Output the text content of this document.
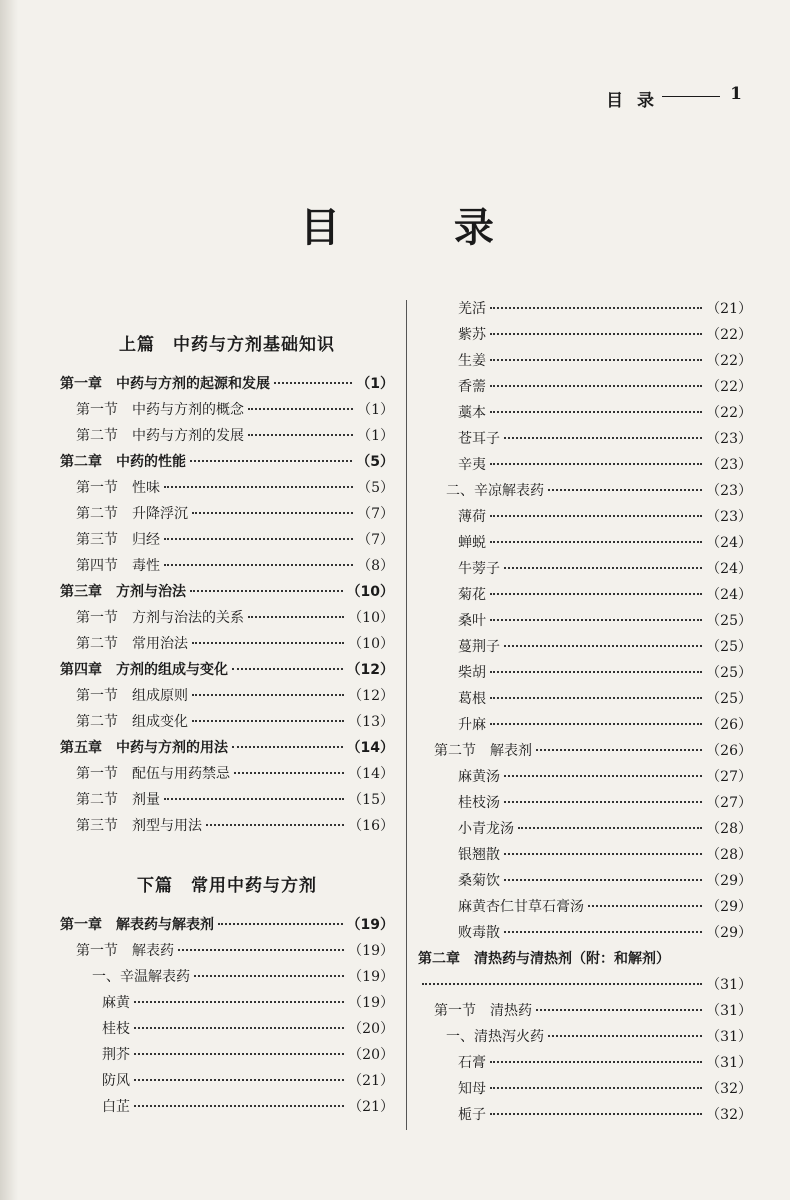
目 录	1
目 录
上篇　中药与方剂基础知识
第一章　中药与方剂的起源和发展	（1）
第一节　中药与方剂的概念	（1）
第二节　中药与方剂的发展	（1）
第二章　中药的性能	（5）
第一节　性味	（5）
第二节　升降浮沉	（7）
第三节　归经	（7）
第四节　毒性	（8）
第三章　方剂与治法	（10）
第一节　方剂与治法的关系	（10）
第二节　常用治法	（10）
第四章　方剂的组成与变化	（12）
第一节　组成原则	（12）
第二节　组成变化	（13）
第五章　中药与方剂的用法	（14）
第一节　配伍与用药禁忌	（14）
第二节　剂量	（15）
第三节　剂型与用法	（16）
下篇　常用中药与方剂
第一章　解表药与解表剂	（19）
第一节　解表药	（19）
一、辛温解表药	（19）
麻黄	（19）
桂枝	（20）
荆芥	（20）
防风	（21）
白芷	（21）
羌活	（21）
紫苏	（22）
生姜	（22）
香薷	（22）
藁本	（22）
苍耳子	（23）
辛夷	（23）
二、辛凉解表药	（23）
薄荷	（23）
蝉蜕	（24）
牛蒡子	（24）
菊花	（24）
桑叶	（25）
蔓荆子	（25）
柴胡	（25）
葛根	（25）
升麻	（26）
第二节　解表剂	（26）
麻黄汤	（27）
桂枝汤	（27）
小青龙汤	（28）
银翘散	（28）
桑菊饮	（29）
麻黄杏仁甘草石膏汤	（29）
败毒散	（29）
第二章　清热药与清热剂（附：和解剂）
（31）
第一节　清热药	（31）
一、清热泻火药	（31）
石膏	（31）
知母	（32）
栀子	（32）
